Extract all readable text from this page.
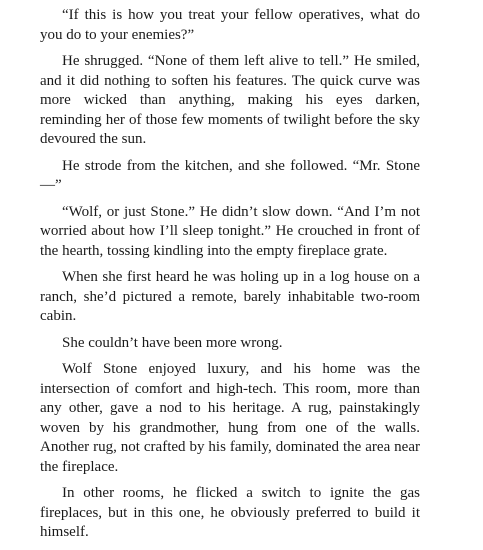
“If this is how you treat your fellow operatives, what do you do to your enemies?”

He shrugged. “None of them left alive to tell.” He smiled, and it did nothing to soften his features. The quick curve was more wicked than anything, making his eyes darken, reminding her of those few moments of twilight before the sky devoured the sun.

He strode from the kitchen, and she followed. “Mr. Stone —”

“Wolf, or just Stone.” He didn’t slow down. “And I’m not worried about how I’ll sleep tonight.” He crouched in front of the hearth, tossing kindling into the empty fireplace grate.

When she first heard he was holing up in a log house on a ranch, she’d pictured a remote, barely inhabitable two-room cabin.

She couldn’t have been more wrong.

Wolf Stone enjoyed luxury, and his home was the intersection of comfort and high-tech. This room, more than any other, gave a nod to his heritage. A rug, painstakingly woven by his grandmother, hung from one of the walls. Another rug, not crafted by his family, dominated the area near the fireplace.

In other rooms, he flicked a switch to ignite the gas fireplaces, but in this one, he obviously preferred to build it himself.
